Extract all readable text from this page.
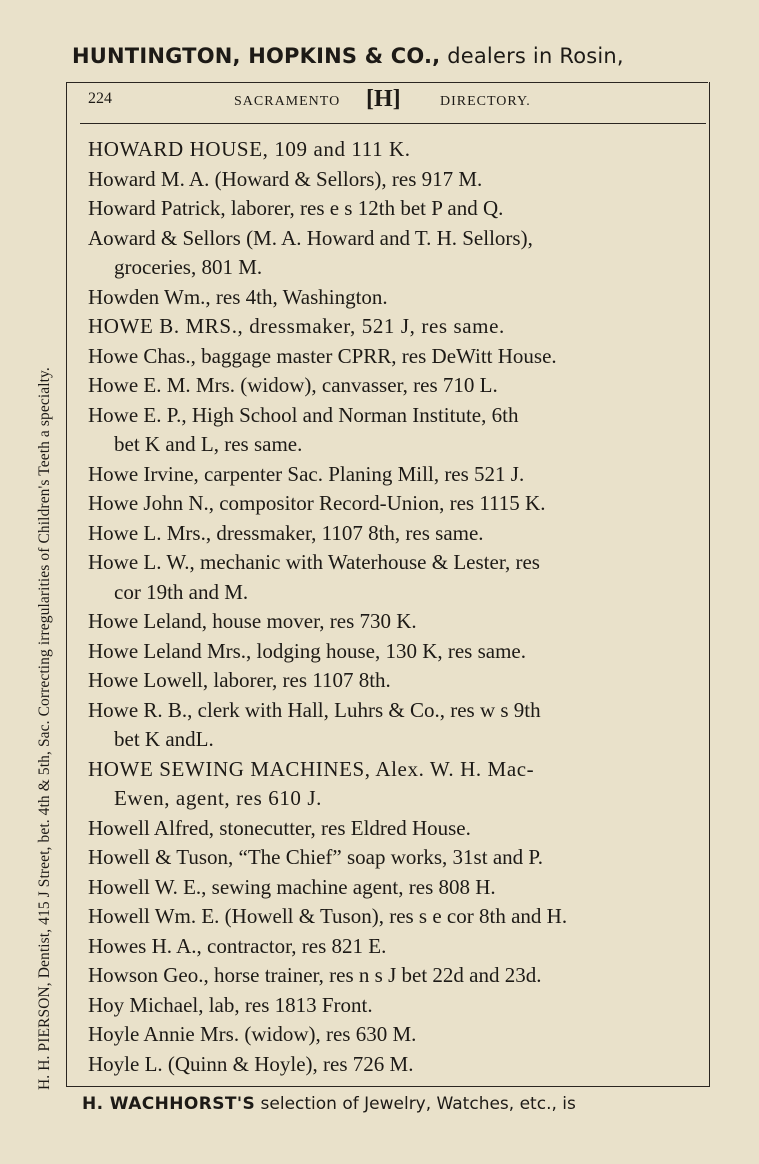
HUNTINGTON, HOPKINS & CO., dealers in Rosin,
H. H. PIERSON, Dentist, 415 J Street, bet. 4th & 5th, Sac. Correcting irregularities of Children's Teeth a specialty.
224	SACRAMENTO [H]	DIRECTORY.
HOWARD HOUSE, 109 and 111 K.
Howard M. A. (Howard & Sellors), res 917 M.
Howard Patrick, laborer, res e s 12th bet P and Q.
Aoward & Sellors (M. A. Howard and T. H. Sellors),
groceries, 801 M.
Howden Wm., res 4th, Washington.
HOWE B. MRS., dressmaker, 521 J, res same.
Howe Chas., baggage master CPRR, res DeWitt House.
Howe E. M. Mrs. (widow), canvasser, res 710 L.
Howe E. P., High School and Norman Institute, 6th
bet K and L, res same.
Howe Irvine, carpenter Sac. Planing Mill, res 521 J.
Howe John N., compositor Record-Union, res 1115 K.
Howe L. Mrs., dressmaker, 1107 8th, res same.
Howe L. W., mechanic with Waterhouse & Lester, res
cor 19th and M.
Howe Leland, house mover, res 730 K.
Howe Leland Mrs., lodging house, 130 K, res same.
Howe Lowell, laborer, res 1107 8th.
Howe R. B., clerk with Hall, Luhrs & Co., res w s 9th
bet K andL.
HOWE SEWING MACHINES, Alex. W. H. Mac-
Ewen, agent, res 610 J.
Howell Alfred, stonecutter, res Eldred House.
Howell & Tuson, “The Chief” soap works, 31st and P.
Howell W. E., sewing machine agent, res 808 H.
Howell Wm. E. (Howell & Tuson), res s e cor 8th and H.
Howes H. A., contractor, res 821 E.
Howson Geo., horse trainer, res n s J bet 22d and 23d.
Hoy Michael, lab, res 1813 Front.
Hoyle Annie Mrs. (widow), res 630 M.
Hoyle L. (Quinn & Hoyle), res 726 M.
H. WACHHORST'S selection of Jewelry, Watches, etc., is
